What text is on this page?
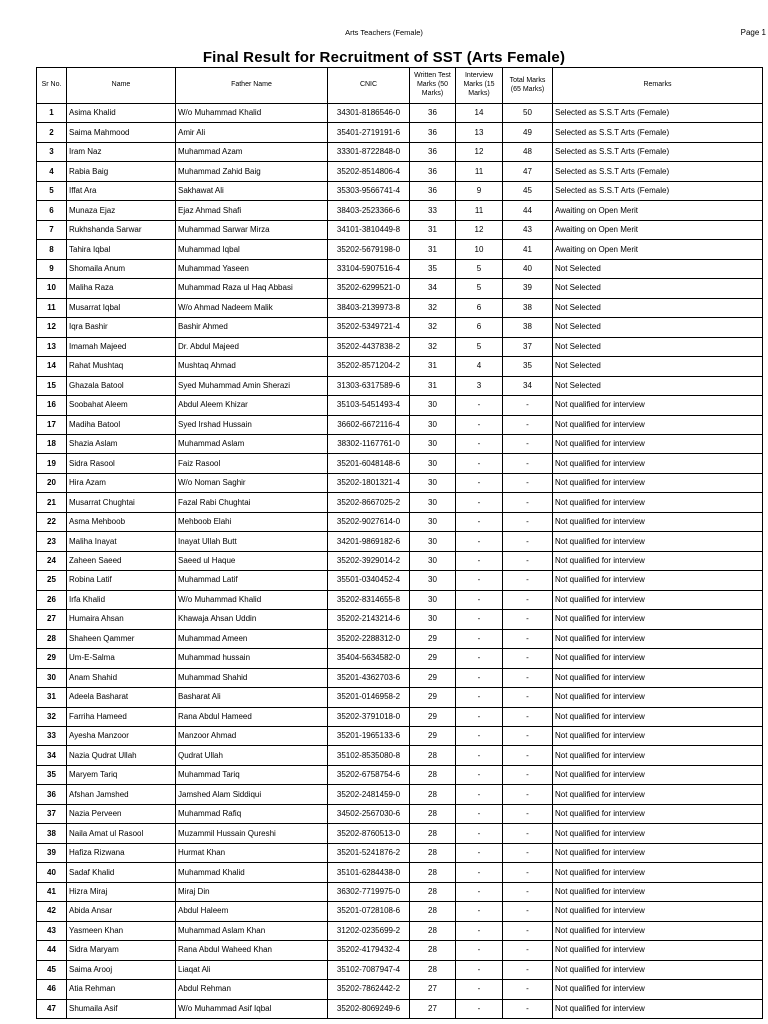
Arts Teachers (Female)	Page 1
Final Result for Recruitment of SST (Arts Female)
Sr No.	Name	Father Name	CNIC	Written Test Marks (50 Marks)	Interview Marks (15 Marks)	Total Marks (65 Marks)	Remarks
1	Asima Khalid	W/o Muhammad Khalid	34301-8186546-0	36	14	50	Selected as S.S.T Arts (Female)
2	Saima Mahmood	Amir Ali	35401-2719191-6	36	13	49	Selected as S.S.T Arts (Female)
3	Iram Naz	Muhammad Azam	33301-8722848-0	36	12	48	Selected as S.S.T Arts (Female)
4	Rabia Baig	Muhammad Zahid Baig	35202-8514806-4	36	11	47	Selected as S.S.T Arts (Female)
5	Iffat Ara	Sakhawat Ali	35303-9566741-4	36	9	45	Selected as S.S.T Arts (Female)
6	Munaza Ejaz	Ejaz Ahmad Shafi	38403-2523366-6	33	11	44	Awaiting on Open Merit
7	Rukhshanda Sarwar	Muhammad Sarwar Mirza	34101-3810449-8	31	12	43	Awaiting on Open Merit
8	Tahira Iqbal	Muhammad Iqbal	35202-5679198-0	31	10	41	Awaiting on Open Merit
9	Shomaila Anum	Muhammad Yaseen	33104-5907516-4	35	5	40	Not Selected
10	Maliha Raza	Muhammad Raza ul Haq Abbasi	35202-6299521-0	34	5	39	Not Selected
11	Musarrat Iqbal	W/o Ahmad Nadeem Malik	38403-2139973-8	32	6	38	Not Selected
12	Iqra Bashir	Bashir Ahmed	35202-5349721-4	32	6	38	Not Selected
13	Imamah Majeed	Dr. Abdul Majeed	35202-4437838-2	32	5	37	Not Selected
14	Rahat Mushtaq	Mushtaq Ahmad	35202-8571204-2	31	4	35	Not Selected
15	Ghazala Batool	Syed Muhammad Amin Sherazi	31303-6317589-6	31	3	34	Not Selected
16	Soobahat Aleem	Abdul Aleem Khizar	35103-5451493-4	30	-	-	Not qualified for interview
17	Madiha Batool	Syed Irshad Hussain	36602-6672116-4	30	-	-	Not qualified for interview
18	Shazia Aslam	Muhammad Aslam	38302-1167761-0	30	-	-	Not qualified for interview
19	Sidra Rasool	Faiz Rasool	35201-6048148-6	30	-	-	Not qualified for interview
20	Hira Azam	W/o Noman Saghir	35202-1801321-4	30	-	-	Not qualified for interview
21	Musarrat Chughtai	Fazal Rabi Chughtai	35202-8667025-2	30	-	-	Not qualified for interview
22	Asma Mehboob	Mehboob Elahi	35202-9027614-0	30	-	-	Not qualified for interview
23	Maliha Inayat	Inayat Ullah Butt	34201-9869182-6	30	-	-	Not qualified for interview
24	Zaheen Saeed	Saeed ul Haque	35202-3929014-2	30	-	-	Not qualified for interview
25	Robina Latif	Muhammad Latif	35501-0340452-4	30	-	-	Not qualified for interview
26	Irfa Khalid	W/o Muhammad Khalid	35202-8314655-8	30	-	-	Not qualified for interview
27	Humaira Ahsan	Khawaja Ahsan Uddin	35202-2143214-6	30	-	-	Not qualified for interview
28	Shaheen Qammer	Muhammad Ameen	35202-2288312-0	29	-	-	Not qualified for interview
29	Um-E-Salma	Muhammad hussain	35404-5634582-0	29	-	-	Not qualified for interview
30	Anam Shahid	Muhammad Shahid	35201-4362703-6	29	-	-	Not qualified for interview
31	Adeela Basharat	Basharat Ali	35201-0146958-2	29	-	-	Not qualified for interview
32	Farriha Hameed	Rana Abdul Hameed	35202-3791018-0	29	-	-	Not qualified for interview
33	Ayesha Manzoor	Manzoor Ahmad	35201-1965133-6	29	-	-	Not qualified for interview
34	Nazia Qudrat Ullah	Qudrat Ullah	35102-8535080-8	28	-	-	Not qualified for interview
35	Maryem Tariq	Muhammad Tariq	35202-6758754-6	28	-	-	Not qualified for interview
36	Afshan Jamshed	Jamshed Alam Siddiqui	35202-2481459-0	28	-	-	Not qualified for interview
37	Nazia Perveen	Muhammad Rafiq	34502-2567030-6	28	-	-	Not qualified for interview
38	Naila Amat ul Rasool	Muzammil Hussain Qureshi	35202-8760513-0	28	-	-	Not qualified for interview
39	Hafiza Rizwana	Hurmat Khan	35201-5241876-2	28	-	-	Not qualified for interview
40	Sadaf Khalid	Muhammad Khalid	35101-6284438-0	28	-	-	Not qualified for interview
41	Hizra Miraj	Miraj Din	36302-7719975-0	28	-	-	Not qualified for interview
42	Abida Ansar	Abdul Haleem	35201-0728108-6	28	-	-	Not qualified for interview
43	Yasmeen Khan	Muhammad Aslam Khan	31202-0235699-2	28	-	-	Not qualified for interview
44	Sidra Maryam	Rana Abdul Waheed Khan	35202-4179432-4	28	-	-	Not qualified for interview
45	Saima Arooj	Liaqat Ali	35102-7087947-4	28	-	-	Not qualified for interview
46	Atia Rehman	Abdul Rehman	35202-7862442-2	27	-	-	Not qualified for interview
47	Shumaila Asif	W/o Muhammad Asif Iqbal	35202-8069249-6	27	-	-	Not qualified for interview
